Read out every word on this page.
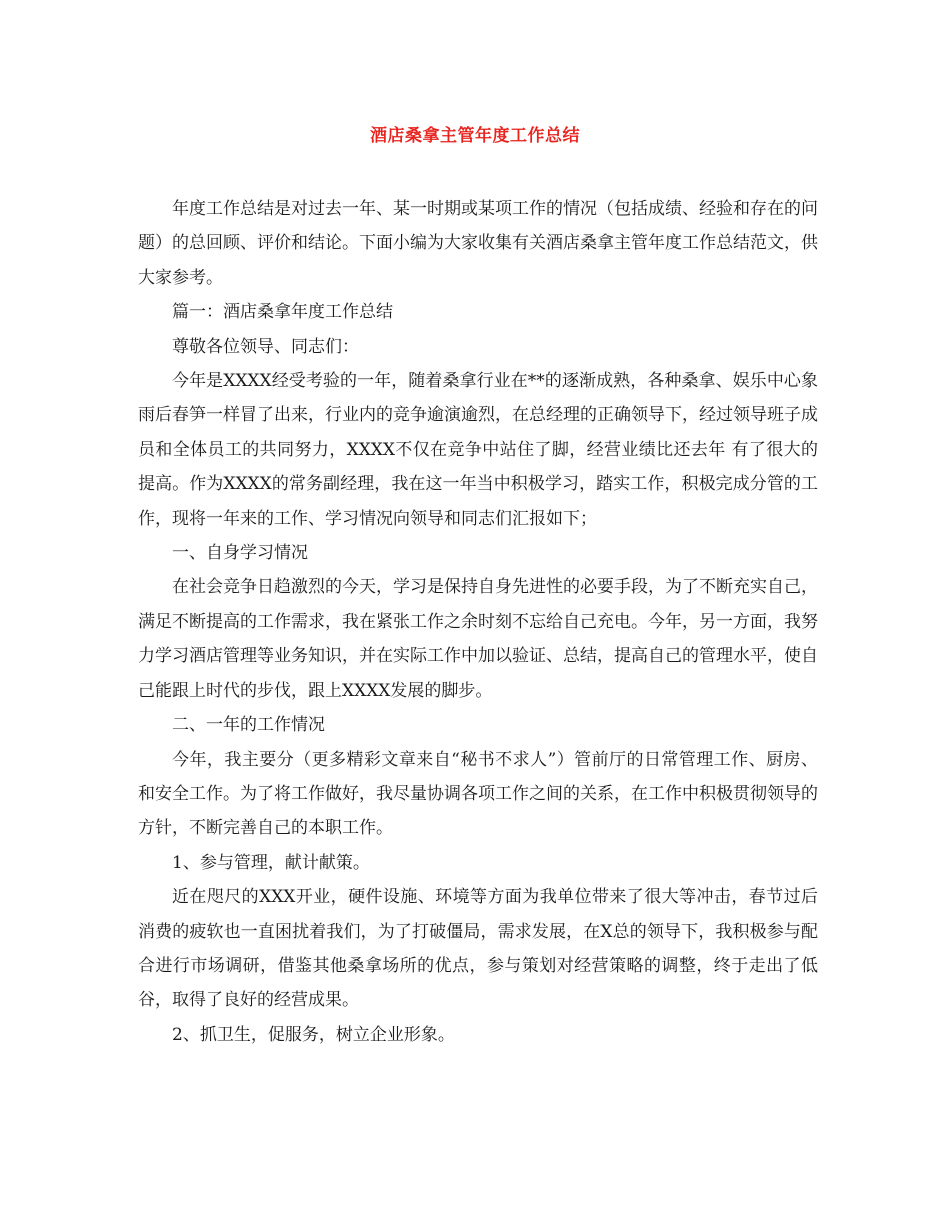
酒店桑拿主管年度工作总结

年度工作总结是对过去一年、某一时期或某项工作的情况（包括成绩、经验和存在的问题）的总回顾、评价和结论。下面小编为大家收集有关酒店桑拿主管年度工作总结范文，供大家参考。

篇一：酒店桑拿年度工作总结

尊敬各位领导、同志们：

今年是XXXX经受考验的一年，随着桑拿行业在**的逐渐成熟，各种桑拿、娱乐中心象雨后春笋一样冒了出来，行业内的竞争逾演逾烈，在总经理的正确领导下，经过领导班子成员和全体员工的共同努力，XXXX不仅在竞争中站住了脚，经营业绩比还去年 有了很大的提高。作为XXXX的常务副经理，我在这一年当中积极学习，踏实工作，积极完成分管的工作，现将一年来的工作、学习情况向领导和同志们汇报如下；

一、自身学习情况

在社会竞争日趋激烈的今天，学习是保持自身先进性的必要手段，为了不断充实自己，满足不断提高的工作需求，我在紧张工作之余时刻不忘给自己充电。今年，另一方面，我努力学习酒店管理等业务知识，并在实际工作中加以验证、总结，提高自己的管理水平，使自己能跟上时代的步伐，跟上XXXX发展的脚步。

二、一年的工作情况

今年，我主要分（更多精彩文章来自“秘书不求人”）管前厅的日常管理工作、厨房、和安全工作。为了将工作做好，我尽量协调各项工作之间的关系，在工作中积极贯彻领导的方针，不断完善自己的本职工作。

1、参与管理，献计献策。

近在咫尺的XXX开业，硬件设施、环境等方面为我单位带来了很大等冲击，春节过后消费的疲软也一直困扰着我们，为了打破僵局，需求发展，在X总的领导下，我积极参与配合进行市场调研，借鉴其他桑拿场所的优点，参与策划对经营策略的调整，终于走出了低谷，取得了良好的经营成果。

2、抓卫生，促服务，树立企业形象。
